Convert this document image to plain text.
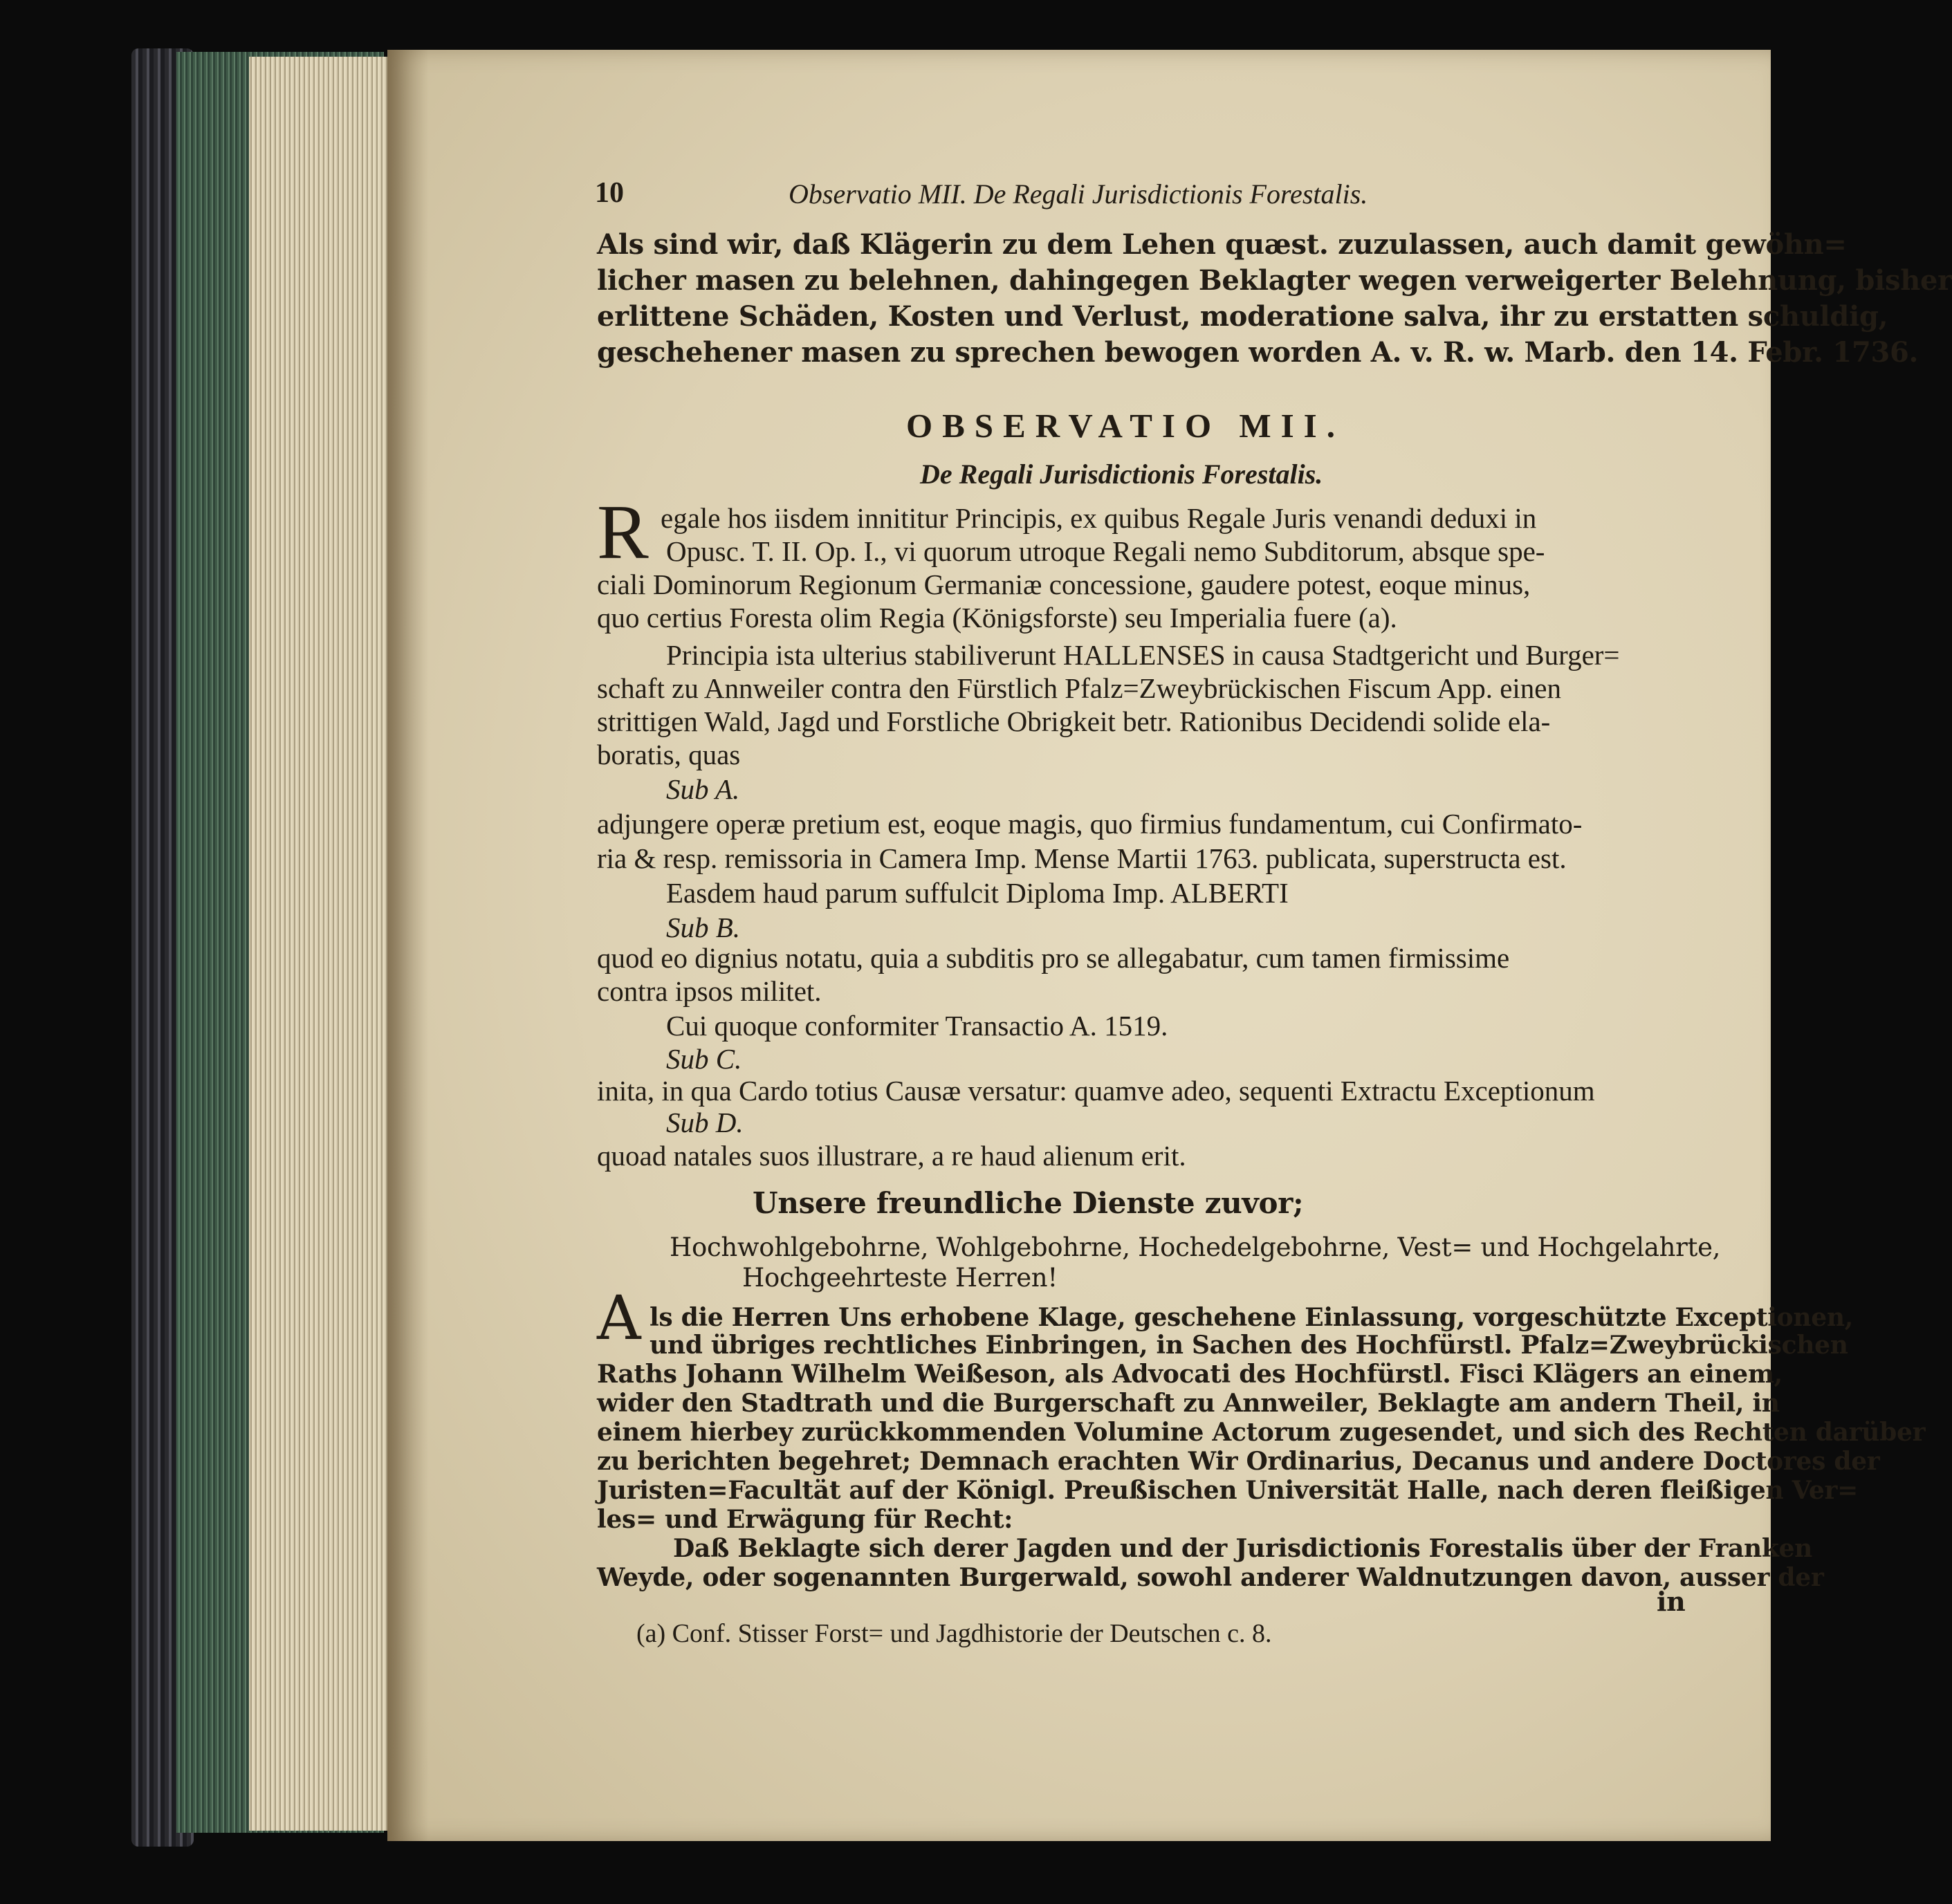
10	Observatio MII. De Regali Jurisdictionis Forestalis.

Als sind wir, daß Klägerin zu dem Lehen quæst. zuzulassen, auch damit gewöhn=

licher masen zu belehnen, dahingegen Beklagter wegen verweigerter Belehnung, bisher

erlittene Schäden, Kosten und Verlust, moderatione salva, ihr zu erstatten schuldig,

geschehener masen zu sprechen bewogen worden A. v. R. w. Marb. den 14. Febr. 1736.

OBSERVATIO MII.
De Regali Jurisdictionis Forestalis.
R egale hos iisdem innititur Principis, ex quibus Regale Juris venandi deduxi in

Opusc. T. II. Op. I., vi quorum utroque Regali nemo Subditorum, absque spe-

ciali Dominorum Regionum Germaniæ concessione, gaudere potest, eoque minus,

quo certius Foresta olim Regia (Königsforste) seu Imperialia fuere (a).

Principia ista ulterius stabiliverunt HALLENSES in causa Stadtgericht und Burger=

schaft zu Annweiler contra den Fürstlich Pfalz=Zweybrückischen Fiscum App. einen

strittigen Wald, Jagd und Forstliche Obrigkeit betr. Rationibus Decidendi solide ela-

boratis, quas

Sub A.

adjungere operæ pretium est, eoque magis, quo firmius fundamentum, cui Confirmato-

ria & resp. remissoria in Camera Imp. Mense Martii 1763. publicata, superstructa est.

Easdem haud parum suffulcit Diploma Imp. ALBERTI

Sub B.

quod eo dignius notatu, quia a subditis pro se allegabatur, cum tamen firmissime

contra ipsos militet.

Cui quoque conformiter Transactio A. 1519.

Sub C.

inita, in qua Cardo totius Causæ versatur: quamve adeo, sequenti Extractu Exceptionum

Sub D.

quoad natales suos illustrare, a re haud alienum erit.

Unsere freundliche Dienste zuvor;

Hochwohlgebohrne, Wohlgebohrne, Hochedelgebohrne, Vest= und Hochgelahrte,

Hochgeehrteste Herren!

A ls die Herren Uns erhobene Klage, geschehene Einlassung, vorgeschützte Exceptionen,

und übriges rechtliches Einbringen, in Sachen des Hochfürstl. Pfalz=Zweybrückischen

Raths Johann Wilhelm Weißeson, als Advocati des Hochfürstl. Fisci Klägers an einem,

wider den Stadtrath und die Burgerschaft zu Annweiler, Beklagte am andern Theil, in

einem hierbey zurückkommenden Volumine Actorum zugesendet, und sich des Rechten darüber

zu berichten begehret; Demnach erachten Wir Ordinarius, Decanus und andere Doctores der

Juristen=Facultät auf der Königl. Preußischen Universität Halle, nach deren fleißigen Ver=

les= und Erwägung für Recht:

Daß Beklagte sich derer Jagden und der Jurisdictionis Forestalis über der Franken

Weyde, oder sogenannten Burgerwald, sowohl anderer Waldnutzungen davon, ausser der

in
(a) Conf. Stisser Forst= und Jagdhistorie der Deutschen c. 8.
